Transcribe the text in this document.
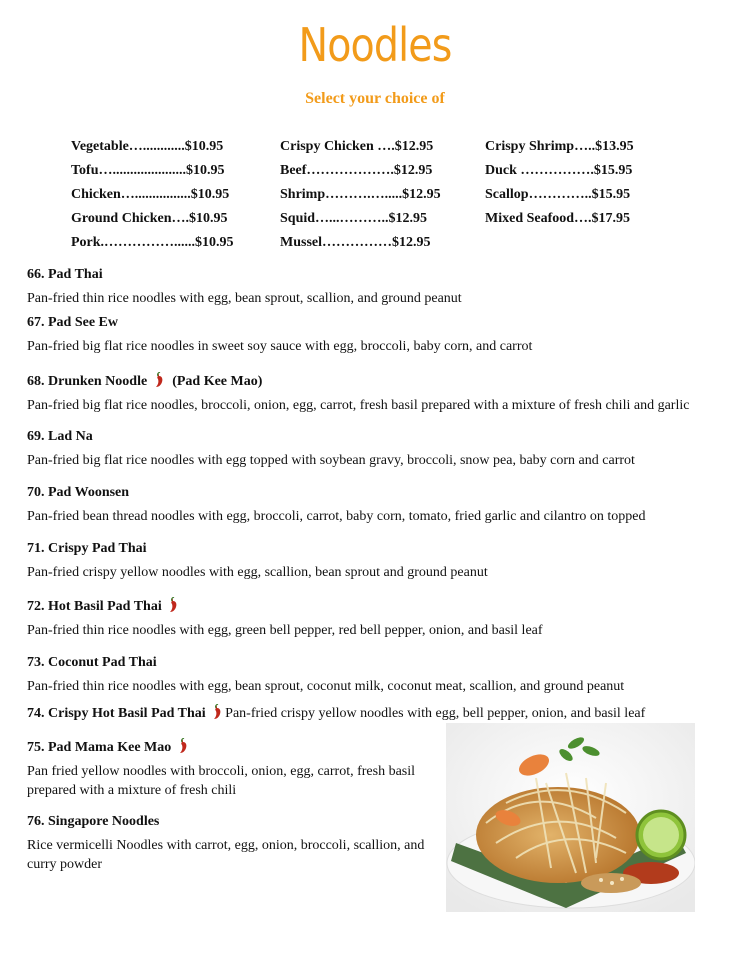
Noodles
Select your choice of
Vegetable…............$10.95
Tofu….....................$10.95
Chicken…................$10.95
Ground Chicken….$10.95
Pork.……………......$10.95
Crispy Chicken ….$12.95
Beef……………….$12.95
Shrimp……….….....$12.95
Squid…...………..$12.95
Mussel……………$12.95
Crispy Shrimp…..$13.95
Duck …………….$15.95
Scallop…………..$15.95
Mixed Seafood….$17.95
66. Pad Thai
Pan-fried thin rice noodles with egg, bean sprout, scallion, and ground peanut
67. Pad See Ew
Pan-fried big flat rice noodles in sweet soy sauce with egg, broccoli, baby corn, and carrot
68. Drunken Noodle (Pad Kee Mao)
Pan-fried big flat rice noodles, broccoli, onion, egg, carrot, fresh basil prepared with a mixture of fresh chili and garlic
69. Lad Na
Pan-fried big flat rice noodles with egg topped with soybean gravy, broccoli, snow pea, baby corn and carrot
70. Pad Woonsen
Pan-fried bean thread noodles with egg, broccoli, carrot, baby corn, tomato, fried garlic and cilantro on topped
71. Crispy Pad Thai
Pan-fried crispy yellow noodles with egg, scallion, bean sprout and ground peanut
72. Hot Basil Pad Thai
Pan-fried thin rice noodles with egg, green bell pepper, red bell pepper, onion, and basil leaf
73. Coconut Pad Thai
Pan-fried thin rice noodles with egg, bean sprout, coconut milk, coconut meat, scallion, and ground peanut
74. Crispy Hot Basil Pad Thai Pan-fried crispy yellow noodles with egg, bell pepper, onion, and basil leaf
75. Pad Mama Kee Mao
Pan fried yellow noodles with broccoli, onion, egg, carrot, fresh basil prepared with a mixture of fresh chili
76. Singapore Noodles
Rice vermicelli Noodles with carrot, egg, onion, broccoli, scallion, and curry powder
